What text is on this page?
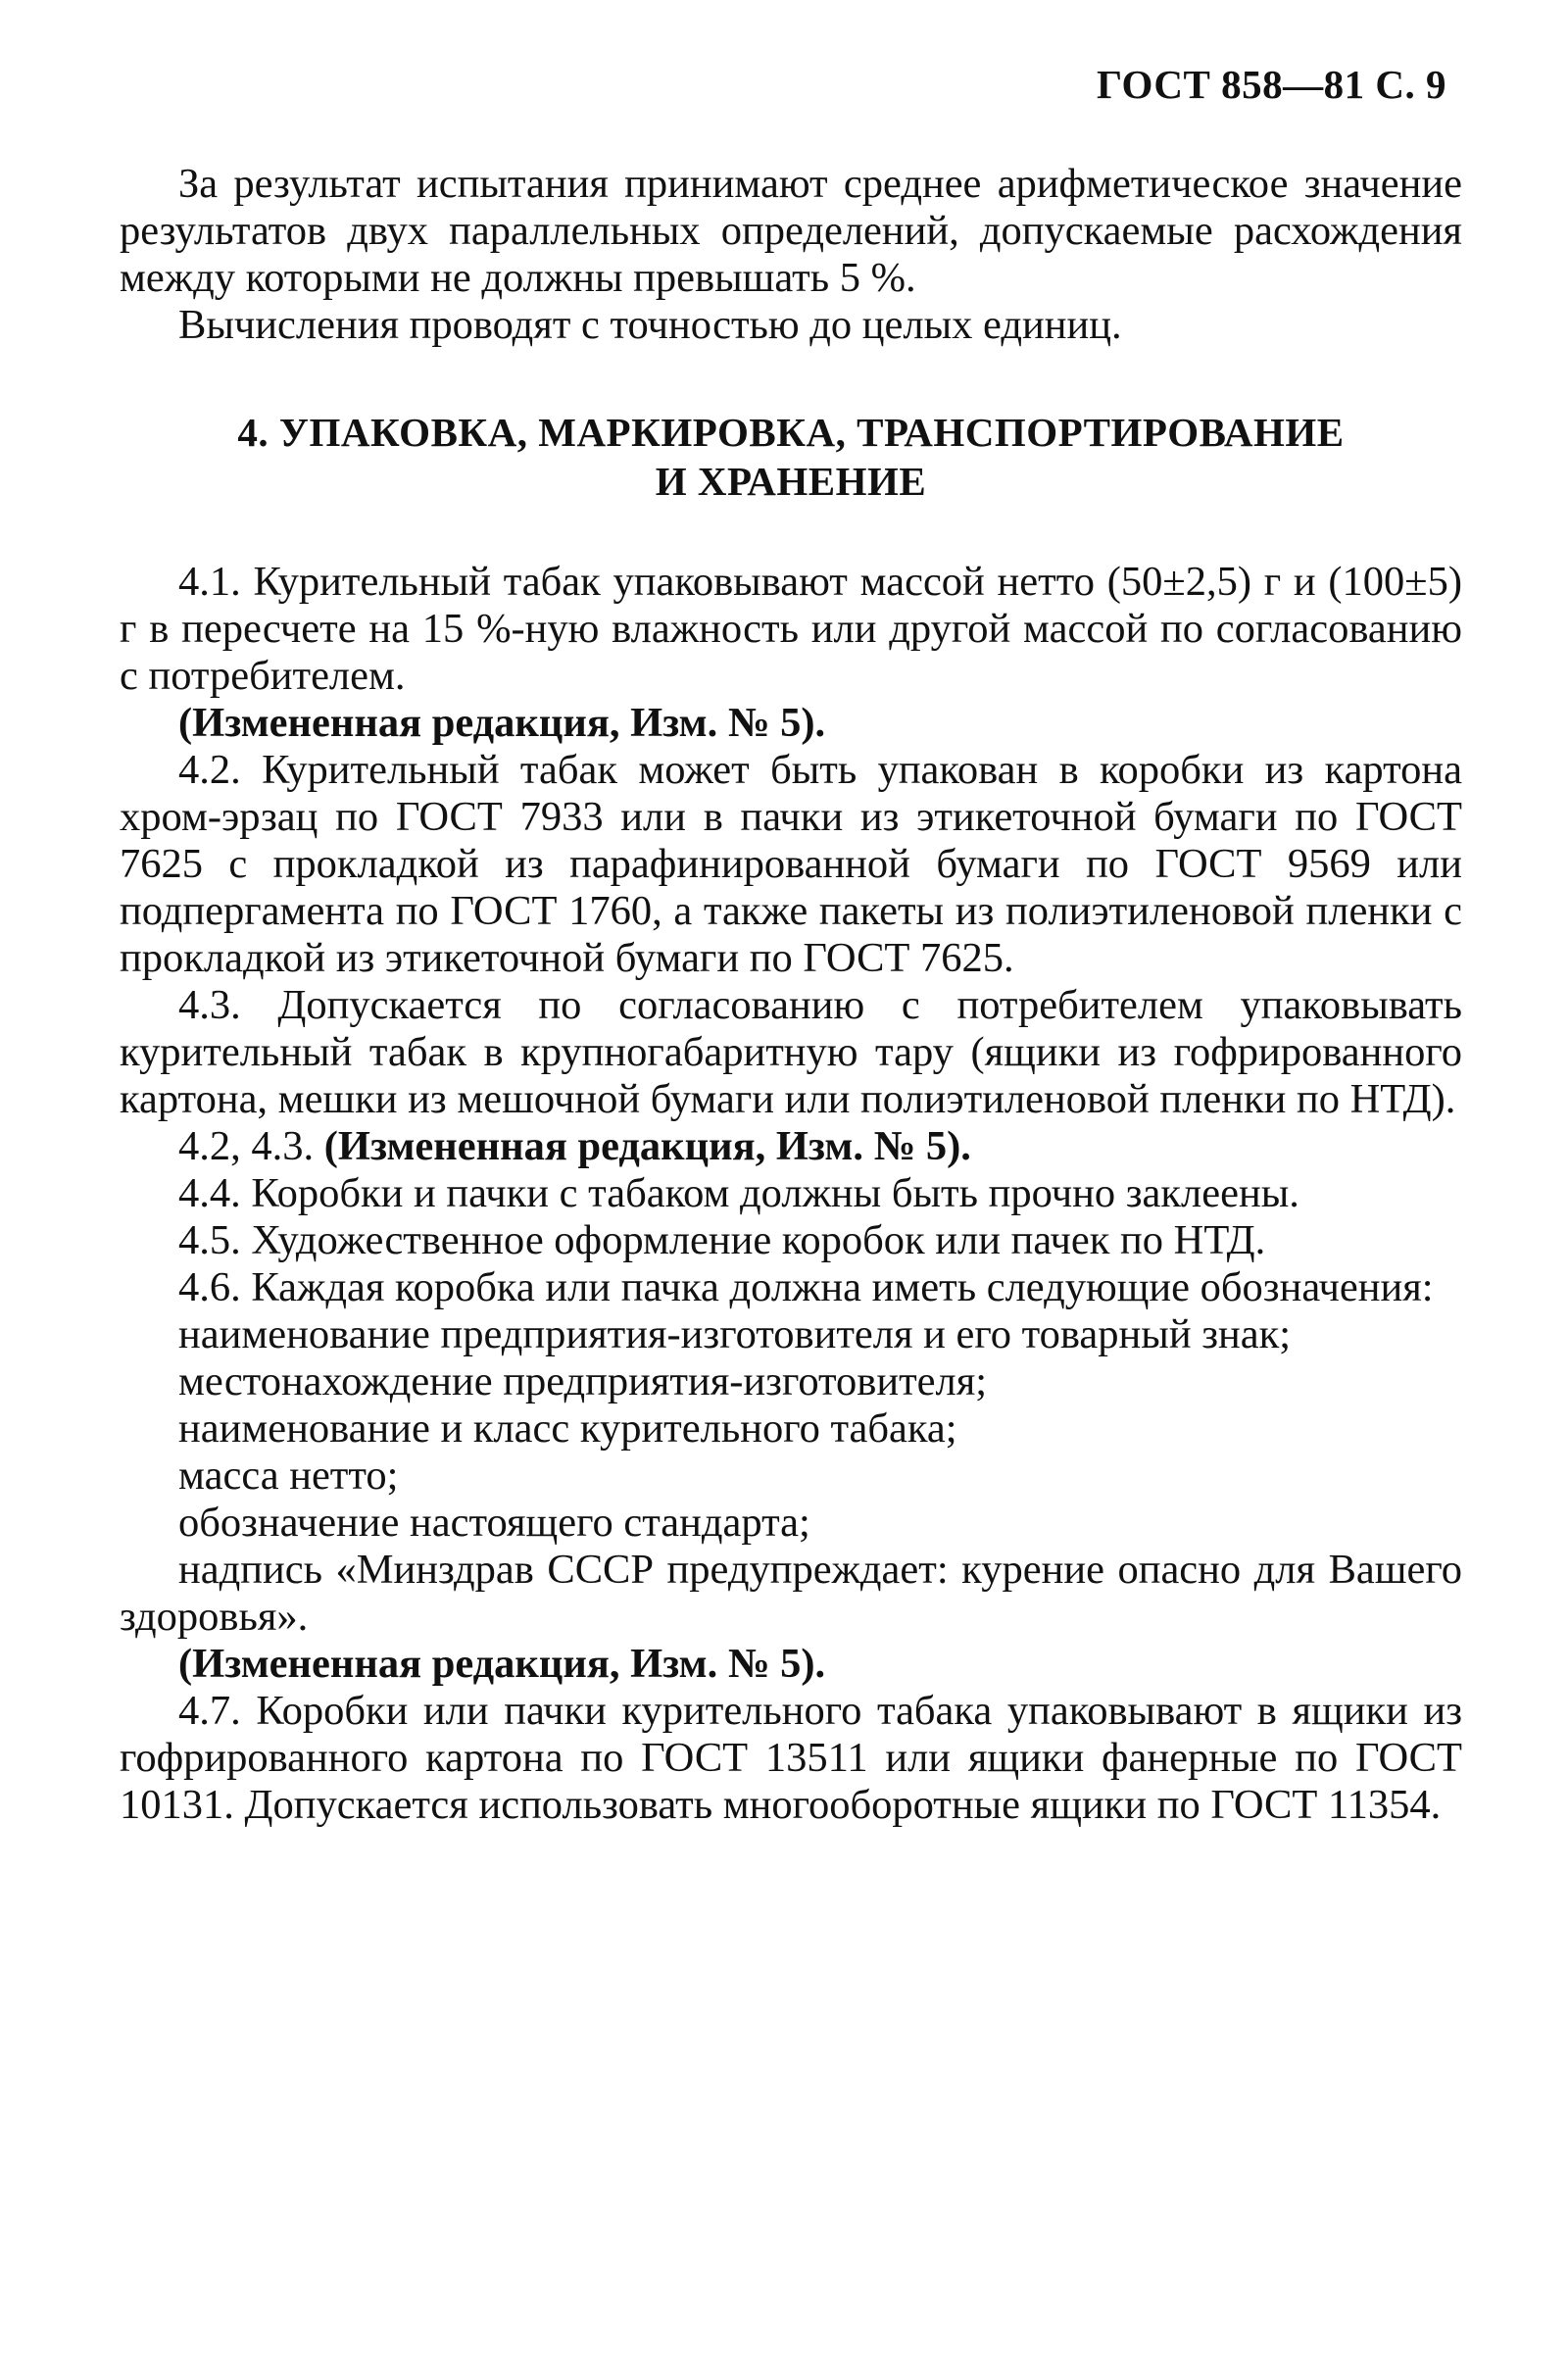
ГОСТ 858—81 С. 9

За результат испытания принимают среднее арифметическое значение результатов двух параллельных определений, допускаемые расхождения между которыми не должны превышать 5 %.

Вычисления проводят с точностью до целых единиц.

4. УПАКОВКА, МАРКИРОВКА, ТРАНСПОРТИРОВАНИЕ
И ХРАНЕНИЕ

4.1. Курительный табак упаковывают массой нетто (50±2,5) г и (100±5) г в пересчете на 15 %-ную влажность или другой массой по согласованию с потребителем.

(Измененная редакция, Изм. № 5).

4.2. Курительный табак может быть упакован в коробки из картона хром-эрзац по ГОСТ 7933 или в пачки из этикеточной бумаги по ГОСТ 7625 с прокладкой из парафинированной бумаги по ГОСТ 9569 или подпергамента по ГОСТ 1760, а также пакеты из полиэтиленовой пленки с прокладкой из этикеточной бумаги по ГОСТ 7625.

4.3. Допускается по согласованию с потребителем упаковывать курительный табак в крупногабаритную тару (ящики из гофрированного картона, мешки из мешочной бумаги или полиэтиленовой пленки по НТД).

4.2, 4.3. (Измененная редакция, Изм. № 5).

4.4. Коробки и пачки с табаком должны быть прочно заклеены.

4.5. Художественное оформление коробок или пачек по НТД.

4.6. Каждая коробка или пачка должна иметь следующие обозначения:

наименование предприятия-изготовителя и его товарный знак;

местонахождение предприятия-изготовителя;

наименование и класс курительного табака;

масса нетто;

обозначение настоящего стандарта;

надпись «Минздрав СССР предупреждает: курение опасно для Вашего здоровья».

(Измененная редакция, Изм. № 5).

4.7. Коробки или пачки курительного табака упаковывают в ящики из гофрированного картона по ГОСТ 13511 или ящики фанерные по ГОСТ 10131. Допускается использовать многооборотные ящики по ГОСТ 11354.
